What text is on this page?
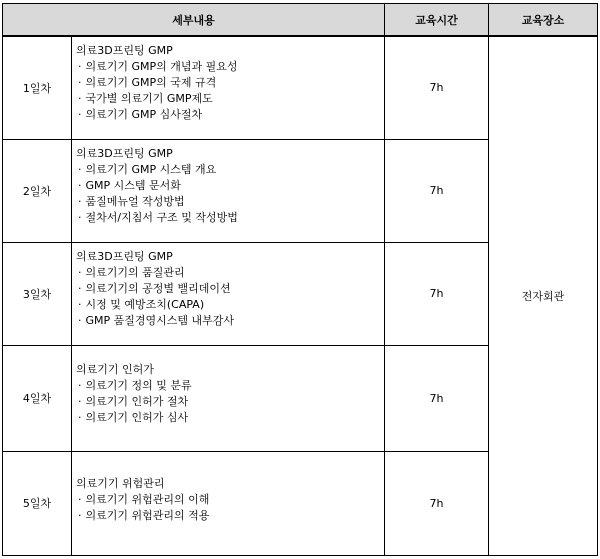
세부내용		교육시간	교육장소
1일차	의료3D프린팅 GMP
· 의료기기 GMP의 개념과 필요성
· 의료기기 GMP의 국제 규격
· 국가별 의료기기 GMP제도
· 의료기기 GMP 심사절차	7h	전자회관
2일차	의료3D프린팅 GMP
· 의료기기 GMP 시스템 개요
· GMP 시스템 문서화
· 품질메뉴얼 작성방법
· 절차서/지침서 구조 및 작성방법	7h	
3일차	의료3D프린팅 GMP
· 의료기기의 품질관리
· 의료기기의 공정별 밸리데이션
· 시정 및 예방조치(CAPA)
· GMP 품질경영시스템 내부감사	7h	
4일차	의료기기 인허가
· 의료기기 정의 및 분류
· 의료기기 인허가 절차
· 의료기기 인허가 심사	7h	
5일차	의료기기 위험관리
· 의료기기 위험관리의 이해
· 의료기기 위험관리의 적용	7h	
